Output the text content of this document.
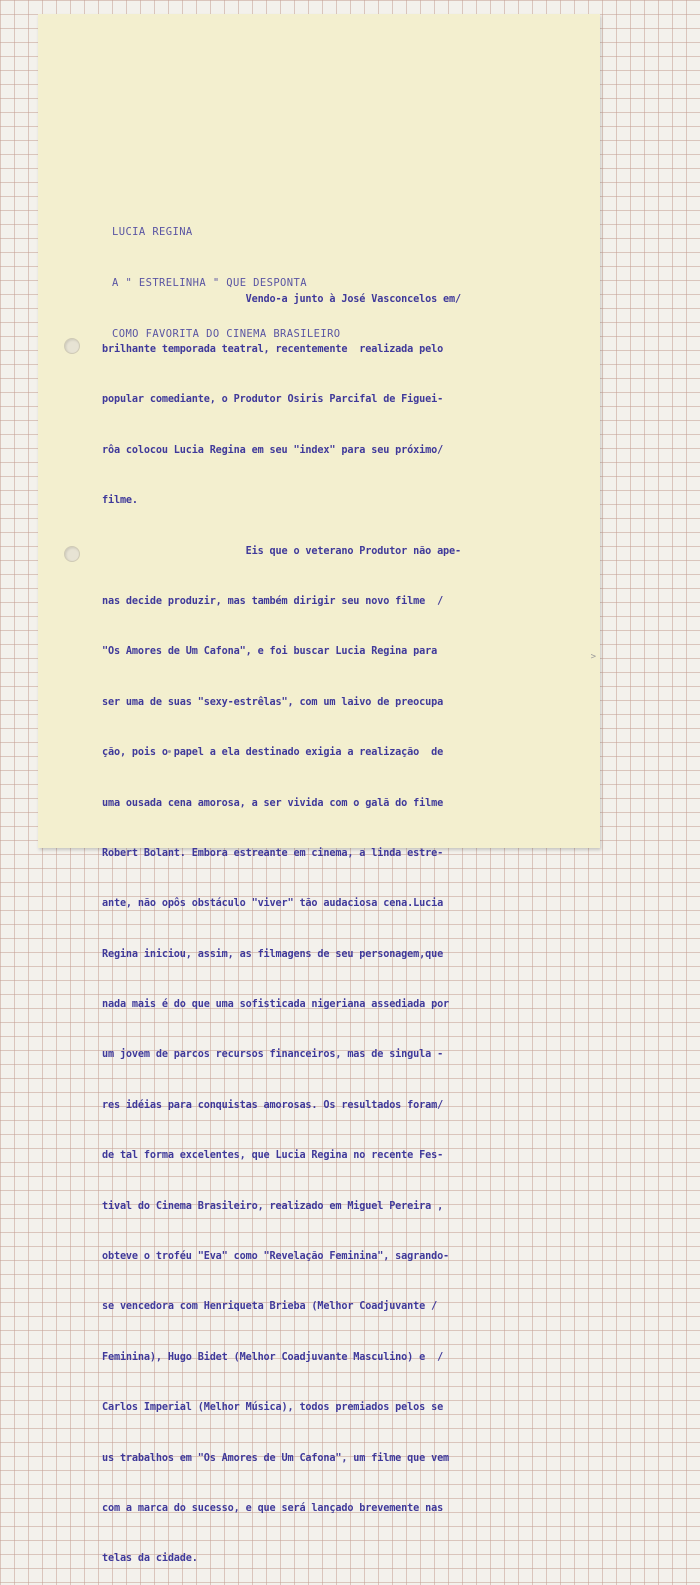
>

LUCIA REGINA

A " ESTRELINHA " QUE DESPONTA

COMO FAVORITA DO CINEMA BRASILEIRO

Vendo-a junto à José Vasconcelos em/

brilhante temporada teatral, recentemente  realizada pelo

popular comediante, o Produtor Osiris Parcifal de Figuei-

rôa colocou Lucia Regina em seu "index" para seu próximo/

filme.

Eis que o veterano Produtor não ape-

nas decide produzir, mas também dirigir seu novo filme  /

"Os Amores de Um Cafona", e foi buscar Lucia Regina para

ser uma de suas "sexy-estrêlas", com um laivo de preocupa

ção, pois o papel a ela destinado exigia a realização  de

uma ousada cena amorosa, a ser vivida com o galã do filme

Robert Bolant. Embora estreante em cinema, a linda estre-

ante, não opôs obstáculo "viver" tão audaciosa cena.Lucia

Regina iniciou, assim, as filmagens de seu personagem,que

nada mais é do que uma sofisticada nigeriana assediada por

um jovem de parcos recursos financeiros, mas de singula -

res idéias para conquistas amorosas. Os resultados foram/

de tal forma excelentes, que Lucia Regina no recente Fes-

tival do Cinema Brasileiro, realizado em Miguel Pereira ,

obteve o troféu "Eva" como "Revelação Feminina", sagrando-

se vencedora com Henriqueta Brieba (Melhor Coadjuvante /

Feminina), Hugo Bidet (Melhor Coadjuvante Masculino) e  /

Carlos Imperial (Melhor Música), todos premiados pelos se

us trabalhos em "Os Amores de Um Cafona", um filme que vem

com a marca do sucesso, e que será lançado brevemente nas

telas da cidade.
